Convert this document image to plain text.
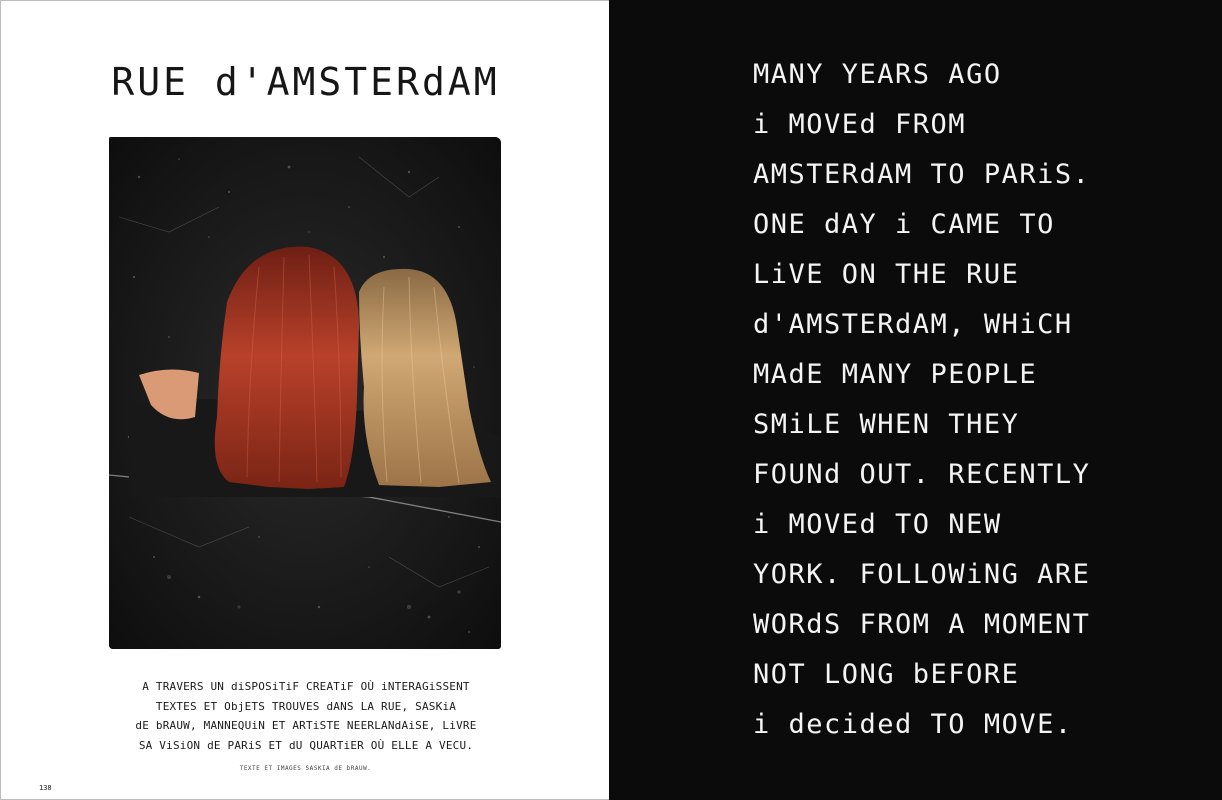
RUE d'AMSTERdAM
A TRAVERS UN diSPOSiTiF CREATiF OÙ iNTERAGiSSENT
TEXTES ET ObjETS TROUVES dANS LA RUE, SASKiA
dE bRAUW, MANNEQUiN ET ARTiSTE NEERLANdAiSE, LiVRE
SA ViSiON dE PARiS ET dU QUARTiER OÙ ELLE A VECU.
TEXTE ET IMAGES SASKIA dE bRAUW.
138
MANY YEARS AGO
i MOVEd FROM
AMSTERdAM TO PARiS.
ONE dAY i CAME TO
LiVE ON THE RUE
d'AMSTERdAM, WHiCH
MAdE MANY PEOPLE
SMiLE WHEN THEY
FOUNd OUT. RECENTLY
i MOVEd TO NEW
YORK. FOLLOWiNG ARE
WORdS FROM A MOMENT
NOT LONG bEFORE
i decided TO MOVE.
